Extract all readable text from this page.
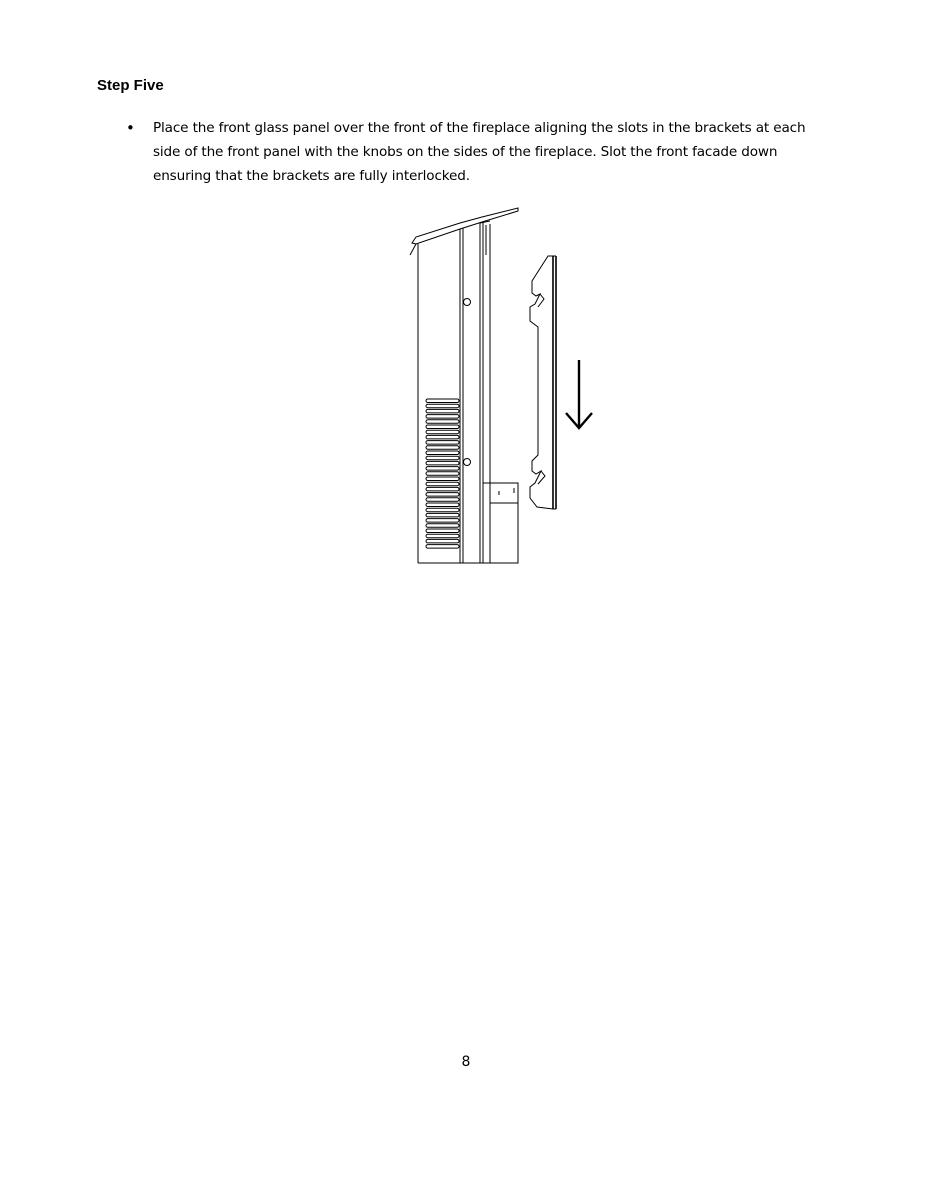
Step Five
•	Place the front glass panel over the front of the fireplace aligning the slots in the brackets at each side of the front panel with the knobs on the sides of the fireplace. Slot the front facade down ensuring that the brackets are fully interlocked.

8
